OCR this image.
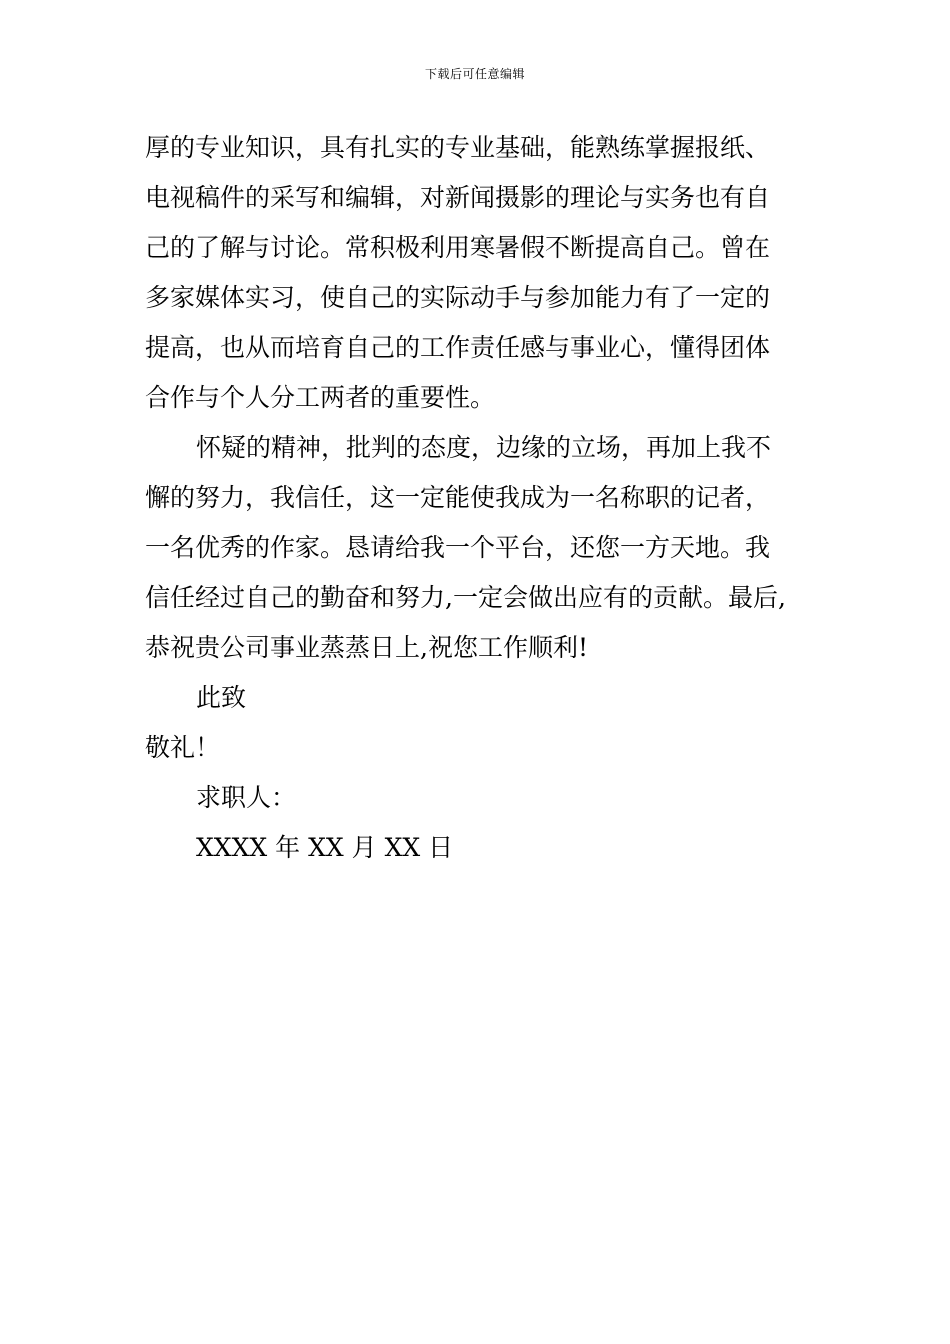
下载后可任意编辑
厚的专业知识，具有扎实的专业基础，能熟练掌握报纸、
电视稿件的采写和编辑，对新闻摄影的理论与实务也有自
己的了解与讨论。常积极利用寒暑假不断提高自己。曾在
多家媒体实习，使自己的实际动手与参加能力有了一定的
提高，也从而培育自己的工作责任感与事业心，懂得团体
合作与个人分工两者的重要性。
怀疑的精神，批判的态度，边缘的立场，再加上我不
懈的努力，我信任，这一定能使我成为一名称职的记者，
一名优秀的作家。恳请给我一个平台，还您一方天地。我
信任经过自己的勤奋和努力,一定会做出应有的贡献。最后,
恭祝贵公司事业蒸蒸日上,祝您工作顺利!
此致
敬礼！
求职人：
XXXX 年 XX 月 XX 日
